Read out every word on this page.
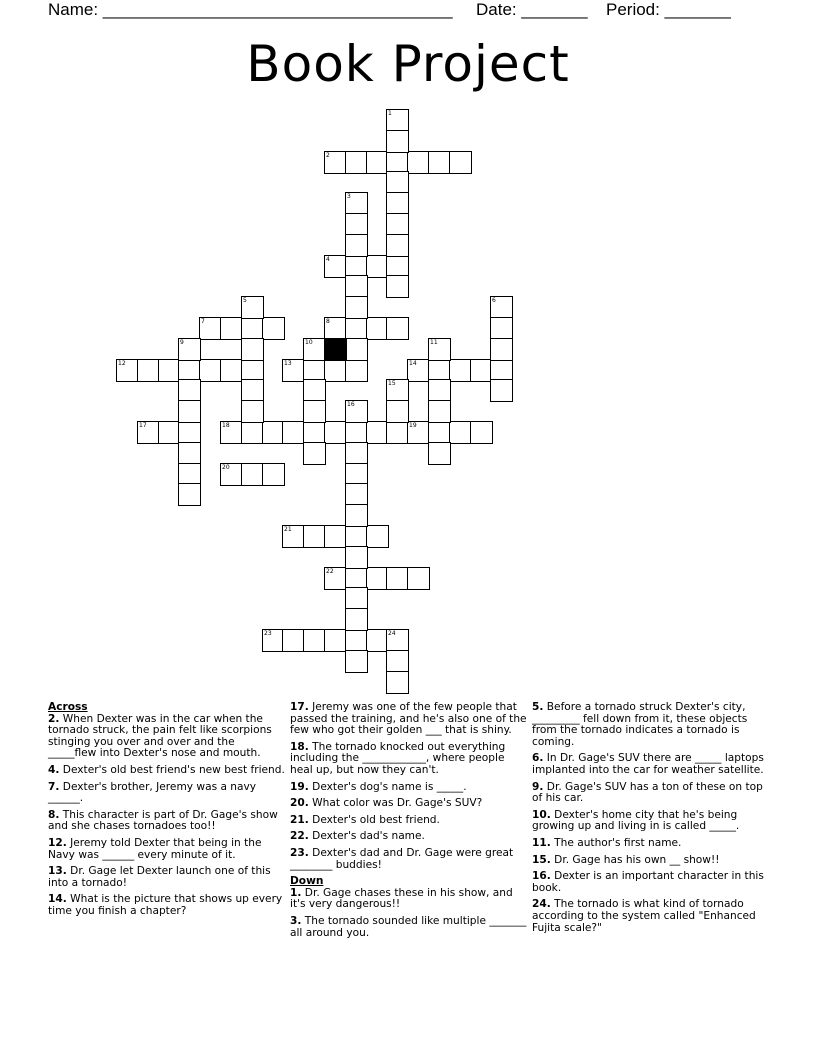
Name: _____________________________________ Date: _______ Period: _______
Book Project
2
4
7	8
12	13	14
17	18	19
20
21
22
23	24
1
3
5	6
9	10	11
15
16
Across
2. When Dexter was in the car when the tornado struck, the pain felt like scorpions stinging you over and over and the _____flew into Dexter's nose and mouth.
4. Dexter's old best friend's new best friend.
7. Dexter's brother, Jeremy was a navy ______.
8. This character is part of Dr. Gage's show and she chases tornadoes too!!
12. Jeremy told Dexter that being in the Navy was ______ every minute of it.
13. Dr. Gage let Dexter launch one of this into a tornado!
14. What is the picture that shows up every time you finish a chapter?
17. Jeremy was one of the few people that passed the training, and he's also one of the few who got their golden ___ that is shiny.
18. The tornado knocked out everything including the ____________, where people heal up, but now they can't.
19. Dexter's dog's name is _____.
20. What color was Dr. Gage's SUV?
21. Dexter's old best friend.
22. Dexter's dad's name.
23. Dexter's dad and Dr. Gage were great ________ buddies!
Down
1. Dr. Gage chases these in his show, and it's very dangerous!!
3. The tornado sounded like multiple _______ all around you.
5. Before a tornado struck Dexter's city, _________ fell down from it, these objects from the tornado indicates a tornado is coming.
6. In Dr. Gage's SUV there are _____ laptops implanted into the car for weather satellite.
9. Dr. Gage's SUV has a ton of these on top of his car.
10. Dexter's home city that he's being growing up and living in is called _____.
11. The author's first name.
15. Dr. Gage has his own __ show!!
16. Dexter is an important character in this book.
24. The tornado is what kind of tornado according to the system called "Enhanced Fujita scale?"
